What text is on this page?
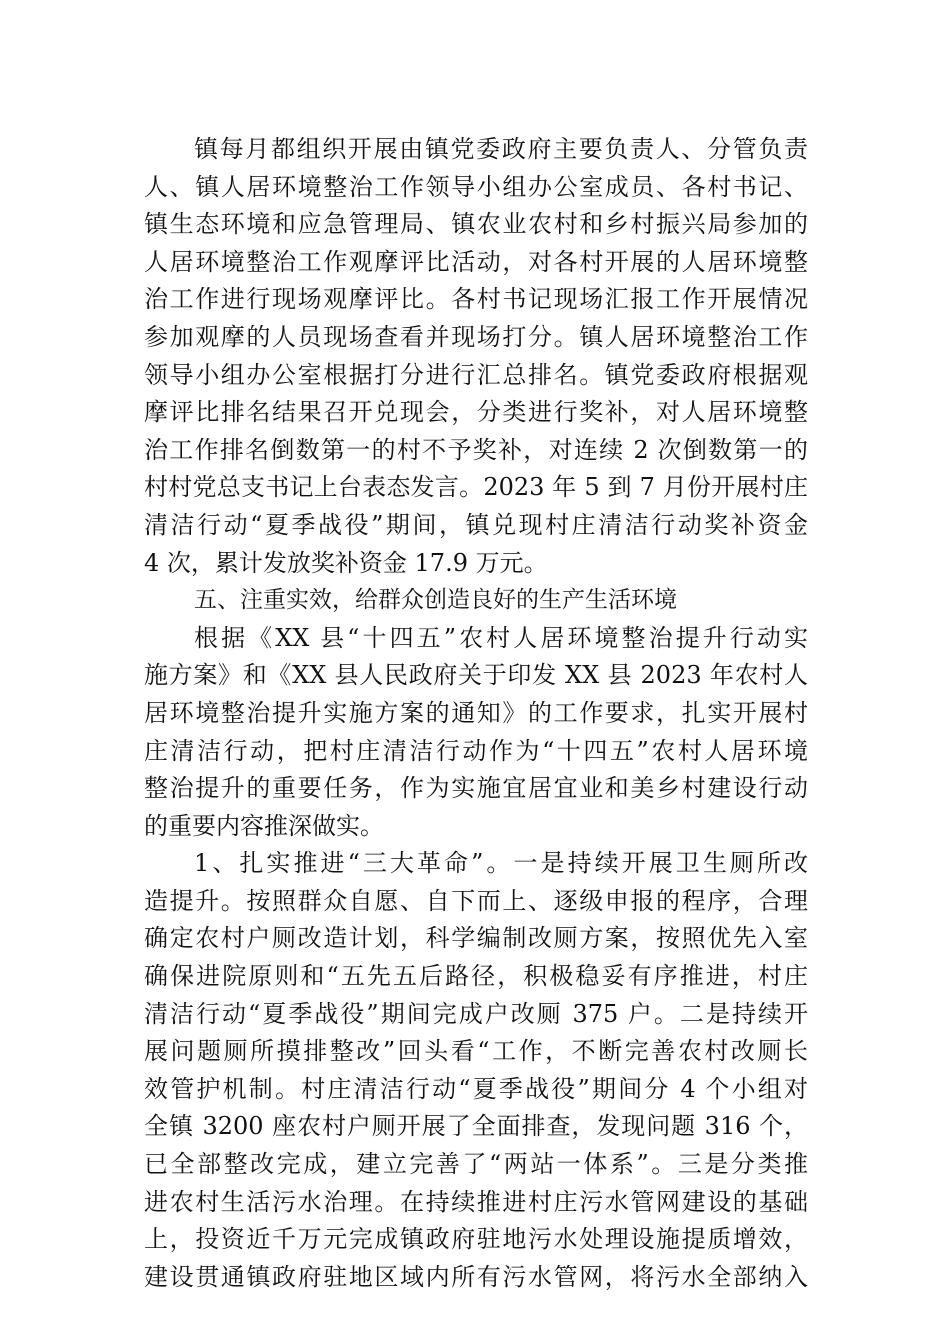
镇每月都组织开展由镇党委政府主要负责人、分管负责
人、镇人居环境整治工作领导小组办公室成员、各村书记、
镇生态环境和应急管理局、镇农业农村和乡村振兴局参加的
人居环境整治工作观摩评比活动，对各村开展的人居环境整
治工作进行现场观摩评比。各村书记现场汇报工作开展情况
参加观摩的人员现场查看并现场打分。镇人居环境整治工作
领导小组办公室根据打分进行汇总排名。镇党委政府根据观
摩评比排名结果召开兑现会，分类进行奖补，对人居环境整
治工作排名倒数第一的村不予奖补，对连续 2 次倒数第一的
村村党总支书记上台表态发言。2023 年 5 到 7 月份开展村庄
清洁行动“夏季战役”期间，镇兑现村庄清洁行动奖补资金
4 次，累计发放奖补资金 17.9 万元。
五、注重实效，给群众创造良好的生产生活环境
根据《XX 县“十四五”农村人居环境整治提升行动实
施方案》和《XX 县人民政府关于印发 XX 县 2023 年农村人
居环境整治提升实施方案的通知》的工作要求，扎实开展村
庄清洁行动，把村庄清洁行动作为“十四五”农村人居环境
整治提升的重要任务，作为实施宜居宜业和美乡村建设行动
的重要内容推深做实。
1、扎实推进“三大革命”。一是持续开展卫生厕所改
造提升。按照群众自愿、自下而上、逐级申报的程序，合理
确定农村户厕改造计划，科学编制改厕方案，按照优先入室
确保进院原则和“五先五后路径，积极稳妥有序推进，村庄
清洁行动“夏季战役”期间完成户改厕 375 户。二是持续开
展问题厕所摸排整改”回头看“工作，不断完善农村改厕长
效管护机制。村庄清洁行动“夏季战役”期间分 4 个小组对
全镇 3200 座农村户厕开展了全面排查，发现问题 316 个，
已全部整改完成，建立完善了“两站一体系”。三是分类推
进农村生活污水治理。在持续推进村庄污水管网建设的基础
上，投资近千万元完成镇政府驻地污水处理设施提质增效，
建设贯通镇政府驻地区域内所有污水管网，将污水全部纳入
